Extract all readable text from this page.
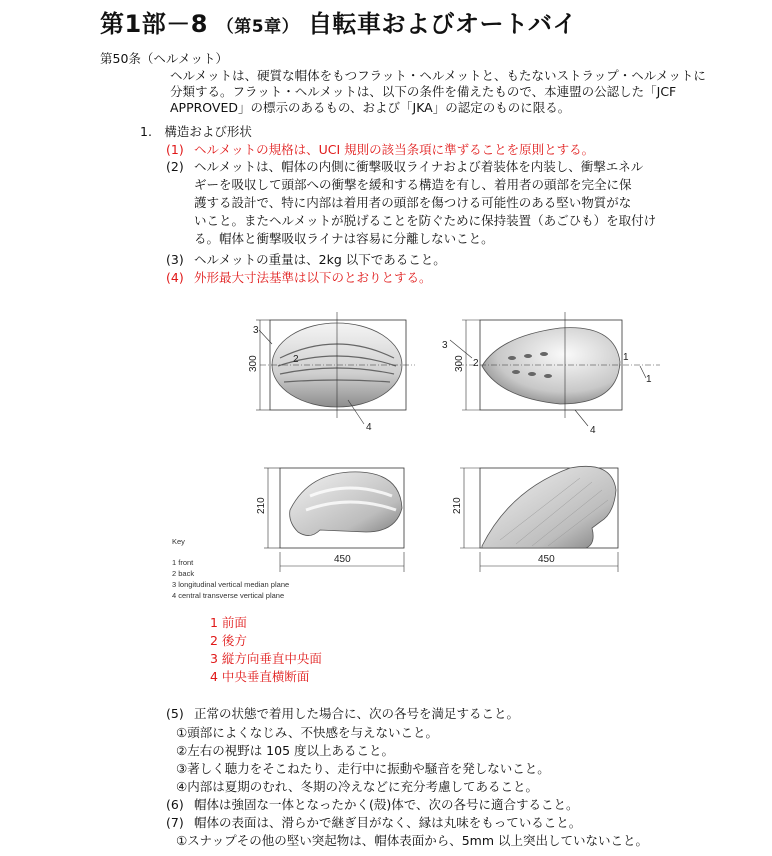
第1部－8 （第5章） 自転車およびオートバイ
第50条（ヘルメット）
ヘルメットは、硬質な帽体をもつフラット・ヘルメットと、もたないストラップ・ヘルメットに
分類する。フラット・ヘルメットは、以下の条件を備えたもので、本連盟の公認した「JCF
APPROVED」の標示のあるもの、および「JKA」の認定のものに限る。
1.　構造および形状
(1) ヘルメットの規格は、UCI 規則の該当条項に準ずることを原則とする。
(2) ヘルメットは、帽体の内側に衝撃吸収ライナおよび着装体を内装し、衝撃エネル
ギーを吸収して頭部への衝撃を緩和する構造を有し、着用者の頭部を完全に保
護する設計で、特に内部は着用者の頭部を傷つける可能性のある堅い物質がな
いこと。またヘルメットが脱げることを防ぐために保持装置（あごひも）を取付け
る。帽体と衝撃吸収ライナは容易に分離しないこと。
(3) ヘルメットの重量は、2kg 以下であること。
(4) 外形最大寸法基準は以下のとおりとする。
300
3
2
4
300
3
2
1
1
4
210
450
210
450
Key
1 front
2 back
3 longitudinal vertical median plane
4 central transverse vertical plane
1 前面
2 後方
3 縦方向垂直中央面
4 中央垂直横断面
(5) 正常の状態で着用した場合に、次の各号を満足すること。
①頭部によくなじみ、不快感を与えないこと。
②左右の視野は 105 度以上あること。
③著しく聴力をそこねたり、走行中に振動や騒音を発しないこと。
④内部は夏期のむれ、冬期の冷えなどに充分考慮してあること。
(6) 帽体は強固な一体となったかく(殻)体で、次の各号に適合すること。
(7) 帽体の表面は、滑らかで継ぎ目がなく、縁は丸味をもっていること。
①スナップその他の堅い突起物は、帽体表面から、5mm 以上突出していないこと。
